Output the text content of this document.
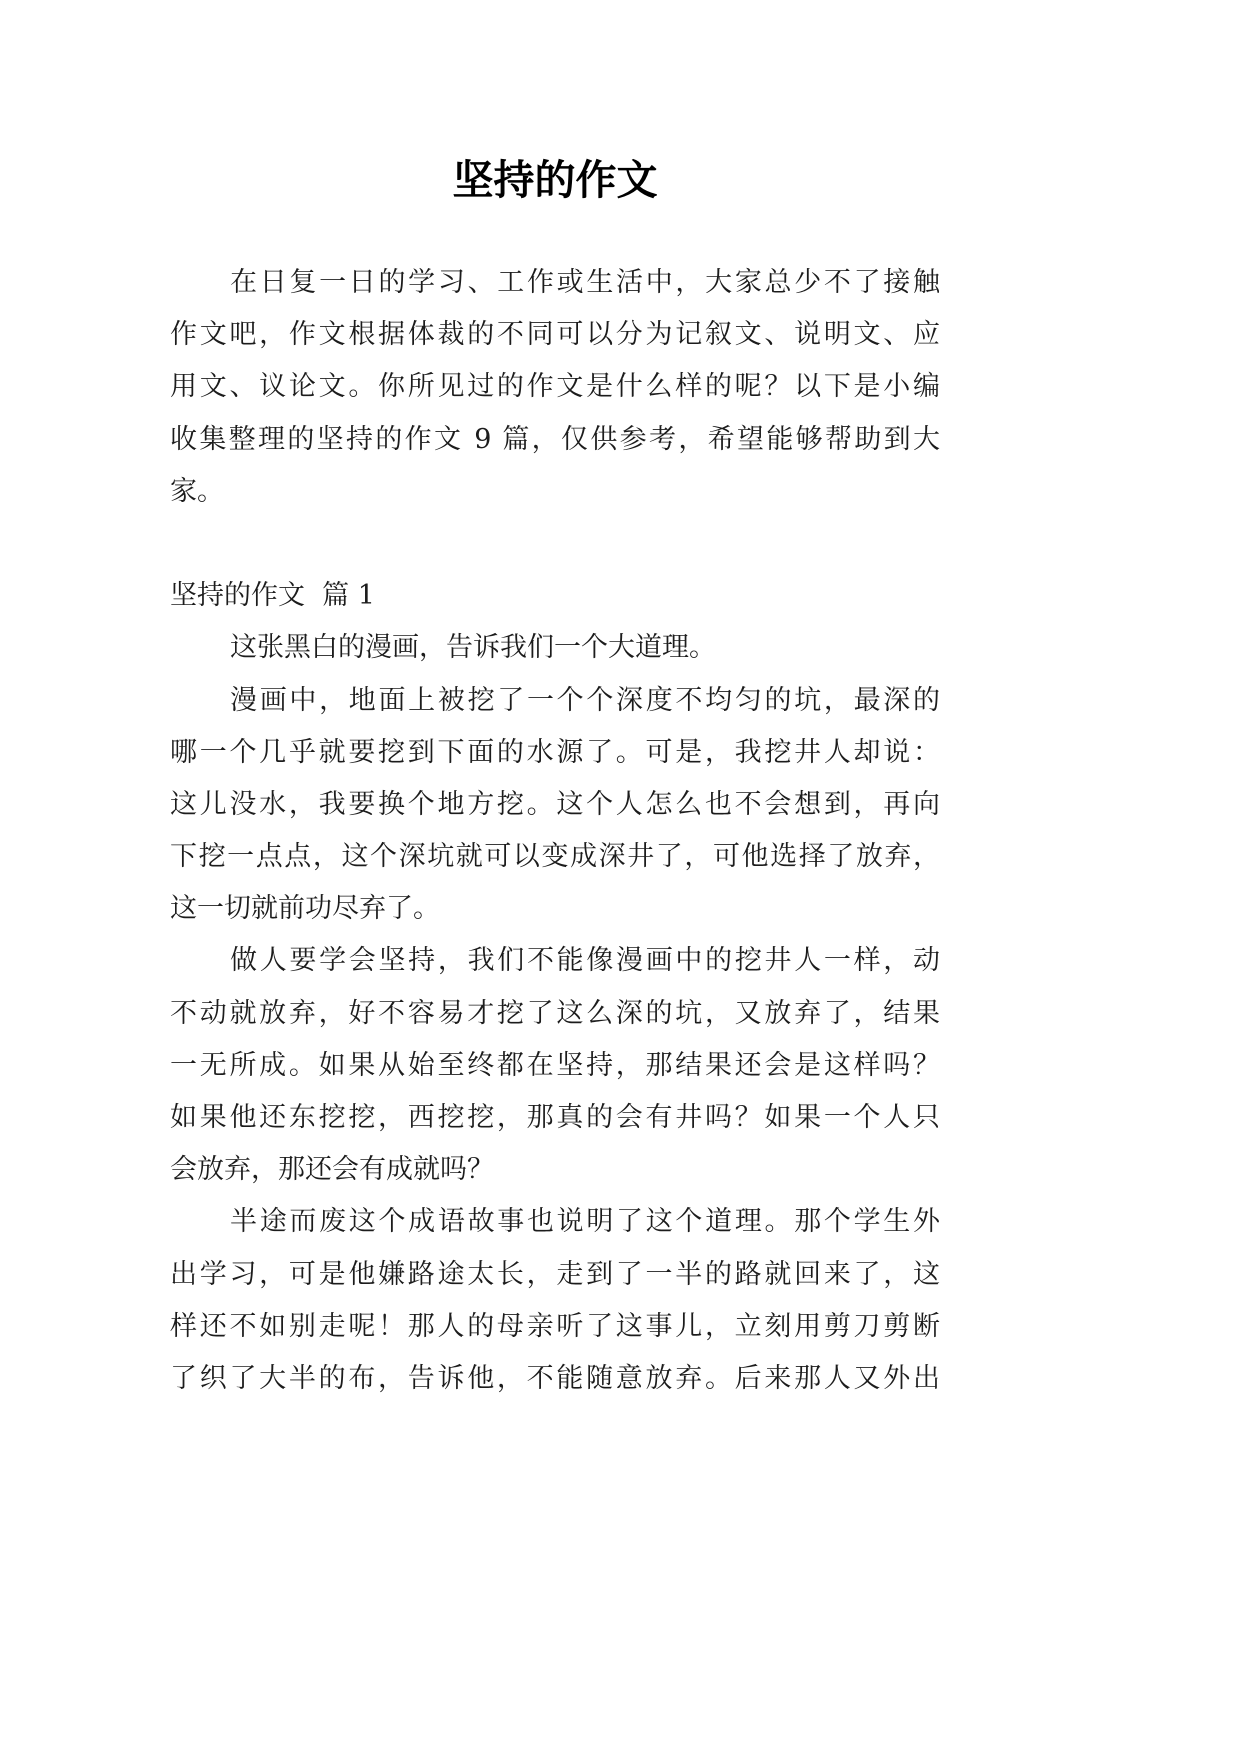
坚持的作文
在日复一日的学习、工作或生活中，大家总少不了接触
作文吧，作文根据体裁的不同可以分为记叙文、说明文、应
用文、议论文。你所见过的作文是什么样的呢？以下是小编
收集整理的坚持的作文 9 篇，仅供参考，希望能够帮助到大
家。
坚持的作文  篇 1
这张黑白的漫画，告诉我们一个大道理。
漫画中，地面上被挖了一个个深度不均匀的坑，最深的
哪一个几乎就要挖到下面的水源了。可是，我挖井人却说：
这儿没水，我要换个地方挖。这个人怎么也不会想到，再向
下挖一点点，这个深坑就可以变成深井了，可他选择了放弃，
这一切就前功尽弃了。
做人要学会坚持，我们不能像漫画中的挖井人一样，动
不动就放弃，好不容易才挖了这么深的坑，又放弃了，结果
一无所成。如果从始至终都在坚持，那结果还会是这样吗？
如果他还东挖挖，西挖挖，那真的会有井吗？如果一个人只
会放弃，那还会有成就吗？
半途而废这个成语故事也说明了这个道理。那个学生外
出学习，可是他嫌路途太长，走到了一半的路就回来了，这
样还不如别走呢！那人的母亲听了这事儿，立刻用剪刀剪断
了织了大半的布，告诉他，不能随意放弃。后来那人又外出
